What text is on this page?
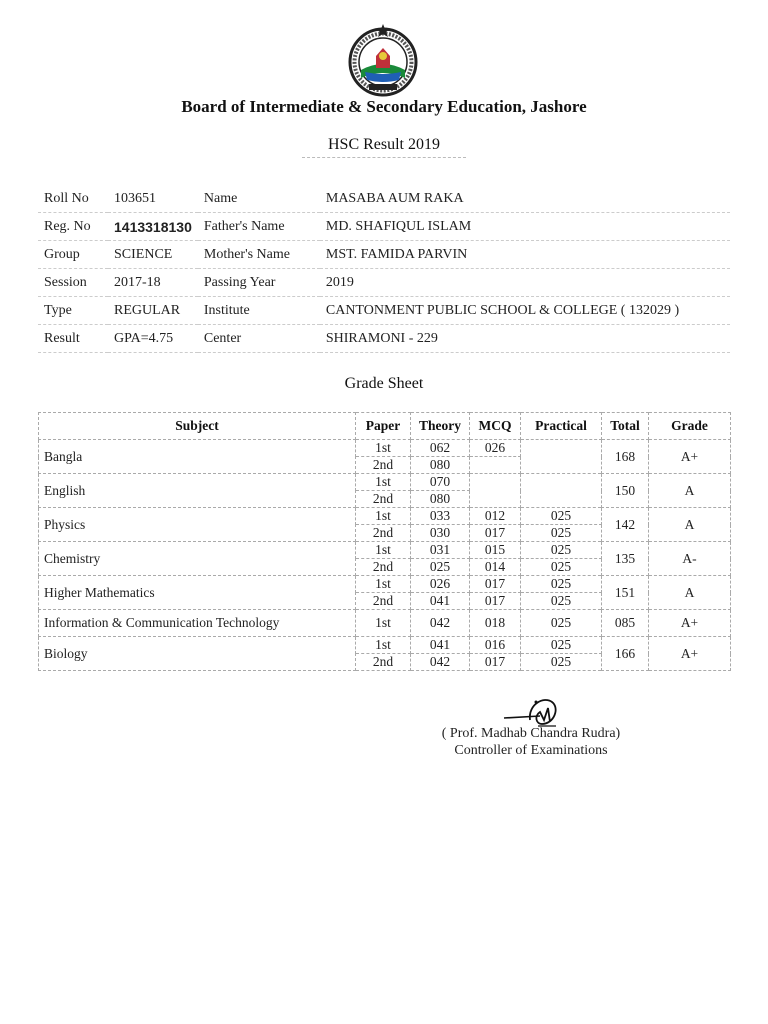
Board of Intermediate & Secondary Education, Jashore
HSC Result 2019
Roll No	103651	Name	MASABA AUM RAKA
Reg. No	1413318130	Father's Name	MD. SHAFIQUL ISLAM
Group	SCIENCE	Mother's Name	MST. FAMIDA PARVIN
Session	2017-18	Passing Year	2019
Type	REGULAR	Institute	CANTONMENT PUBLIC SCHOOL & COLLEGE ( 132029 )
Result	GPA=4.75	Center	SHIRAMONI - 229
Grade Sheet
Subject	Paper	Theory	MCQ	Practical	Total	Grade
Bangla	1st	062	026		168	A+
	2nd	080				
English	1st	070			150	A
	2nd	080				
Physics	1st	033	012	025	142	A
	2nd	030	017	025		
Chemistry	1st	031	015	025	135	A-
	2nd	025	014	025		
Higher Mathematics	1st	026	017	025	151	A
	2nd	041	017	025		
Information & Communication Technology	1st	042	018	025	085	A+
Biology	1st	041	016	025	166	A+
	2nd	042	017	025		
( Prof. Madhab Chandra Rudra)
Controller of Examinations
